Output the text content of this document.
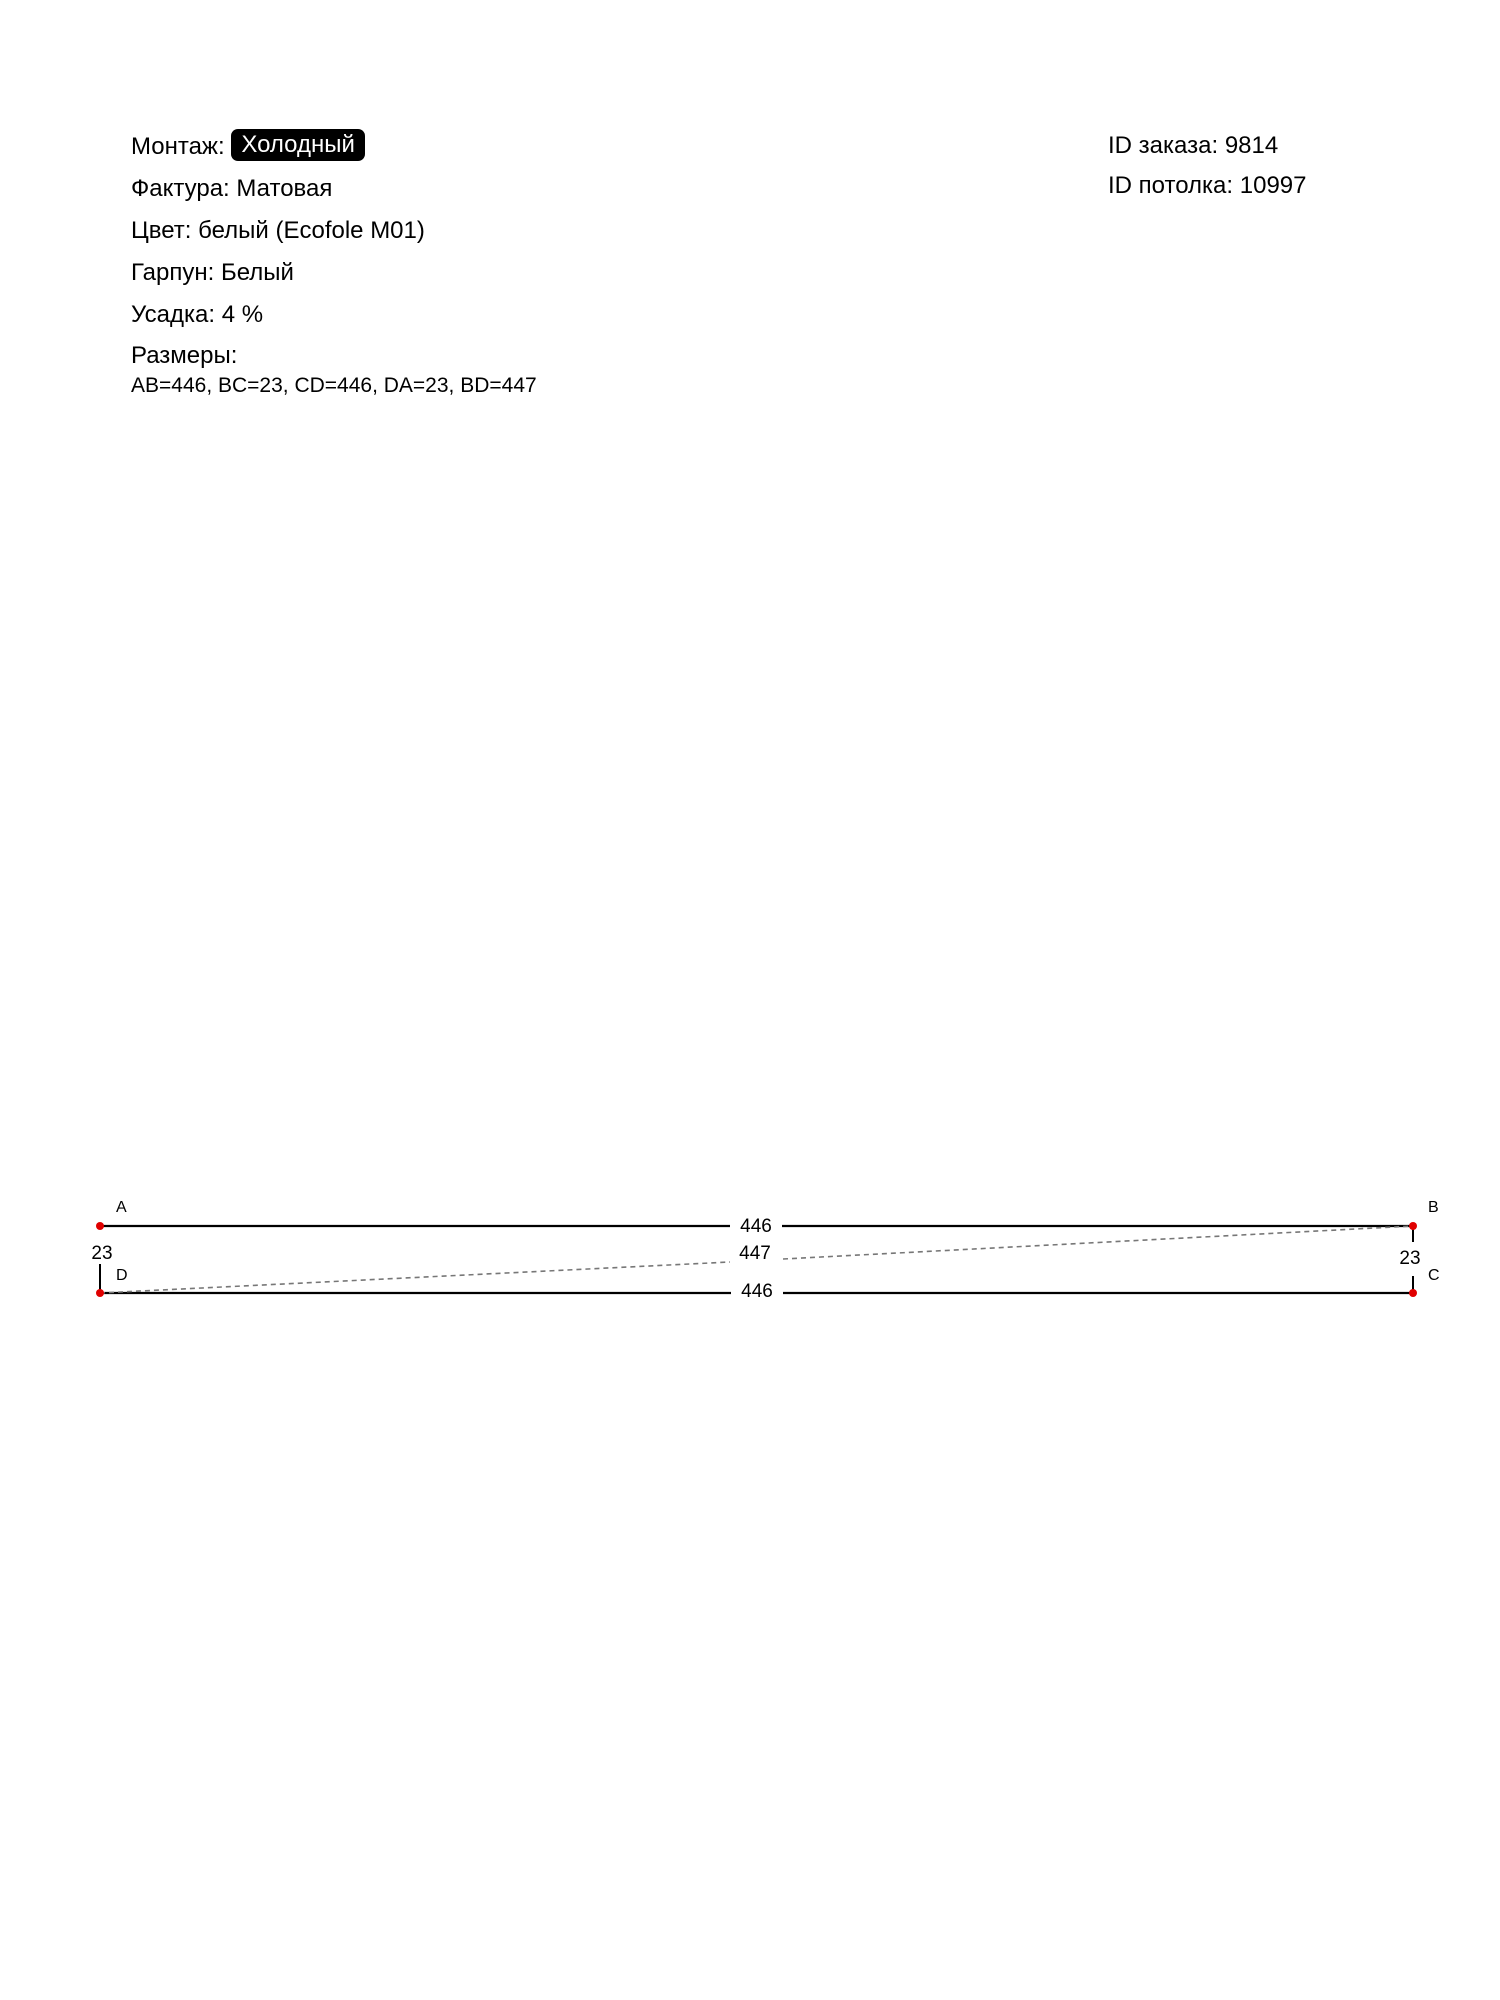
Монтаж: Холодный
Фактура: Матовая
Цвет: белый (Ecofole M01)
Гарпун: Белый
Усадка: 4 %
Размеры:
AB=446, BC=23, CD=446, DA=23, BD=447
ID заказа: 9814
ID потолка: 10997
446
447
446
23	23
A	B
C
D
